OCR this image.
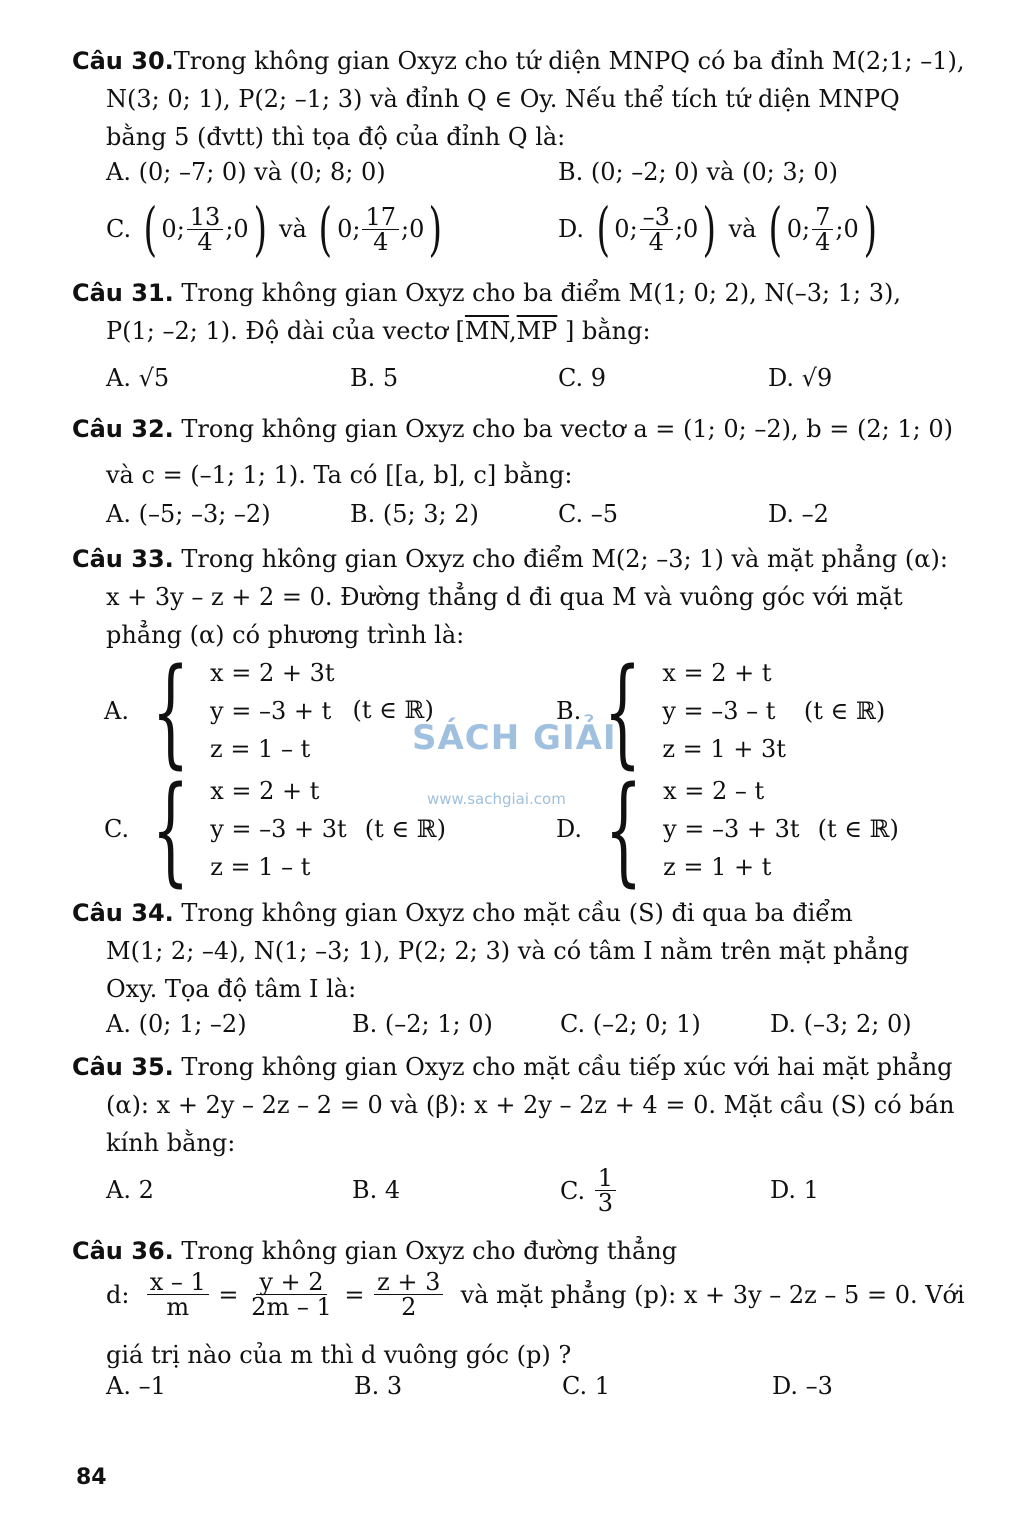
Câu 30.Trong không gian Oxyz cho tứ diện MNPQ có ba đỉnh M(2;1; –1),
N(3; 0; 1), P(2; –1; 3) và đỉnh Q ∈ Oy. Nếu thể tích tứ diện MNPQ
bằng 5 (đvtt) thì tọa độ của đỉnh Q là:
A. (0; –7; 0) và (0; 8; 0)	B. (0; –2; 0) và (0; 3; 0)
C.
( 0; $\frac{13}{4}$ ;0 )
và
( 0; $\frac{17}{4}$ ;0 )	D.
( 0; $\frac{-3}{4}$ ;0 )
và
( 0; $\frac{7}{4}$ ;0 )
Câu 31. Trong không gian Oxyz cho ba điểm M(1; 0; 2), N(–3; 1; 3),
P(1; –2; 1). Độ dài của vectơ [$\overline{MN},\overline{MP}$ ] bằng:
A. √5	B. 5	C. 9	D. √9
Câu 32. Trong không gian Oxyz cho ba vectơ a = (1; 0; –2), b = (2; 1; 0)
và c = (–1; 1; 1). Ta có [[a, b], c] bằng:
A. (–5; –3; –2)	B. (5; 3; 2)	C. –5	D. –2
Câu 33. Trong hkông gian Oxyz cho điểm M(2; –3; 1) và mặt phẳng (α):
x + 3y – z + 2 = 0. Đường thẳng d đi qua M và vuông góc với mặt
phẳng (α) có phương trình là:
A. { x = 2 + 3t
y = –3 + t
z = 1 – t
(t ∈ ℝ)	B. { x = 2 + t
y = –3 – t
z = 1 + 3t
(t ∈ ℝ)
C. { x = 2 + t
y = –3 + 3t
z = 1 – t
(t ∈ ℝ)	D. { x = 2 – t
y = –3 + 3t
z = 1 + t
(t ∈ ℝ)
SÁCH GIẢI
www.sachgiai.com
Câu 34. Trong không gian Oxyz cho mặt cầu (S) đi qua ba điểm
M(1; 2; –4), N(1; –3; 1), P(2; 2; 3) và có tâm I nằm trên mặt phẳng
Oxy. Tọa độ tâm I là:
A. (0; 1; –2)	B. (–2; 1; 0)	C. (–2; 0; 1)	D. (–3; 2; 0)
Câu 35. Trong không gian Oxyz cho mặt cầu tiếp xúc với hai mặt phẳng
(α): x + 2y – 2z – 2 = 0 và (β): x + 2y – 2z + 4 = 0. Mặt cầu (S) có bán
kính bằng:
A. 2	B. 4	C.
$\frac{1}{3}$	D. 1
Câu 36. Trong không gian Oxyz cho đường thẳng
d:
$\frac{x - 1}{m}$
=
$\frac{y + 2}{2m - 1}$
=
$\frac{z + 3}{2}$
và mặt phẳng (p): x + 3y – 2z – 5 = 0. Với
giá trị nào của m thì d vuông góc (p) ?
A. –1	B. 3	C. 1	D. –3
84
